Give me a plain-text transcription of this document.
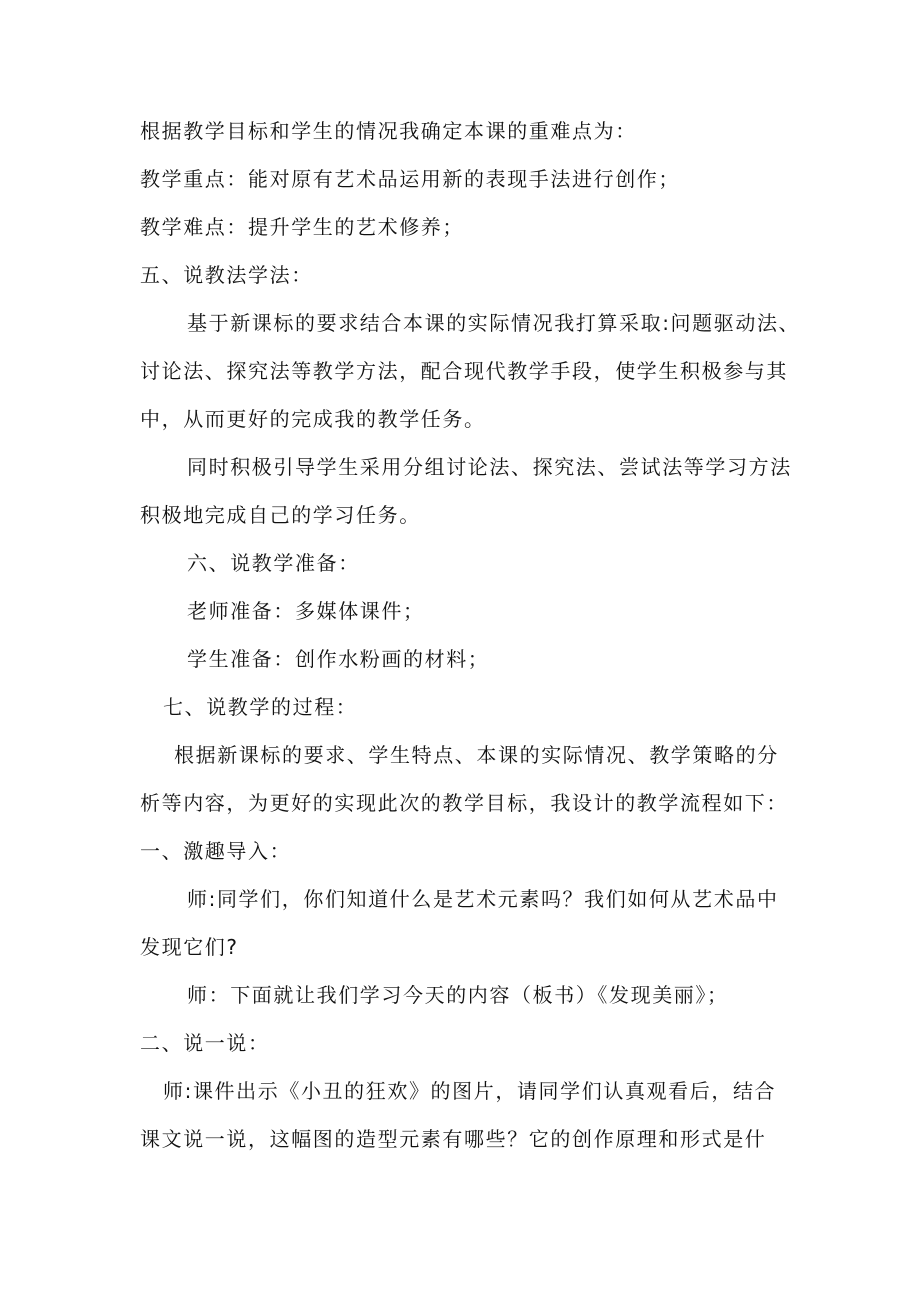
根据教学目标和学生的情况我确定本课的重难点为：
教学重点：能对原有艺术品运用新的表现手法进行创作；
教学难点：提升学生的艺术修养；
五、说教法学法：
基于新课标的要求结合本课的实际情况我打算采取:问题驱动法、
讨论法、探究法等教学方法，配合现代教学手段，使学生积极参与其
中，从而更好的完成我的教学任务。
同时积极引导学生采用分组讨论法、探究法、尝试法等学习方法
积极地完成自己的学习任务。
六、说教学准备：
老师准备：多媒体课件；
学生准备：创作水粉画的材料；
七、说教学的过程：
根据新课标的要求、学生特点、本课的实际情况、教学策略的分
析等内容，为更好的实现此次的教学目标，我设计的教学流程如下：
一、激趣导入：
师:同学们，你们知道什么是艺术元素吗？我们如何从艺术品中
发现它们?
师：下面就让我们学习今天的内容（板书）《发现美丽》；
二、说一说：
师:课件出示《小丑的狂欢》的图片，请同学们认真观看后，结合
课文说一说，这幅图的造型元素有哪些？它的创作原理和形式是什
